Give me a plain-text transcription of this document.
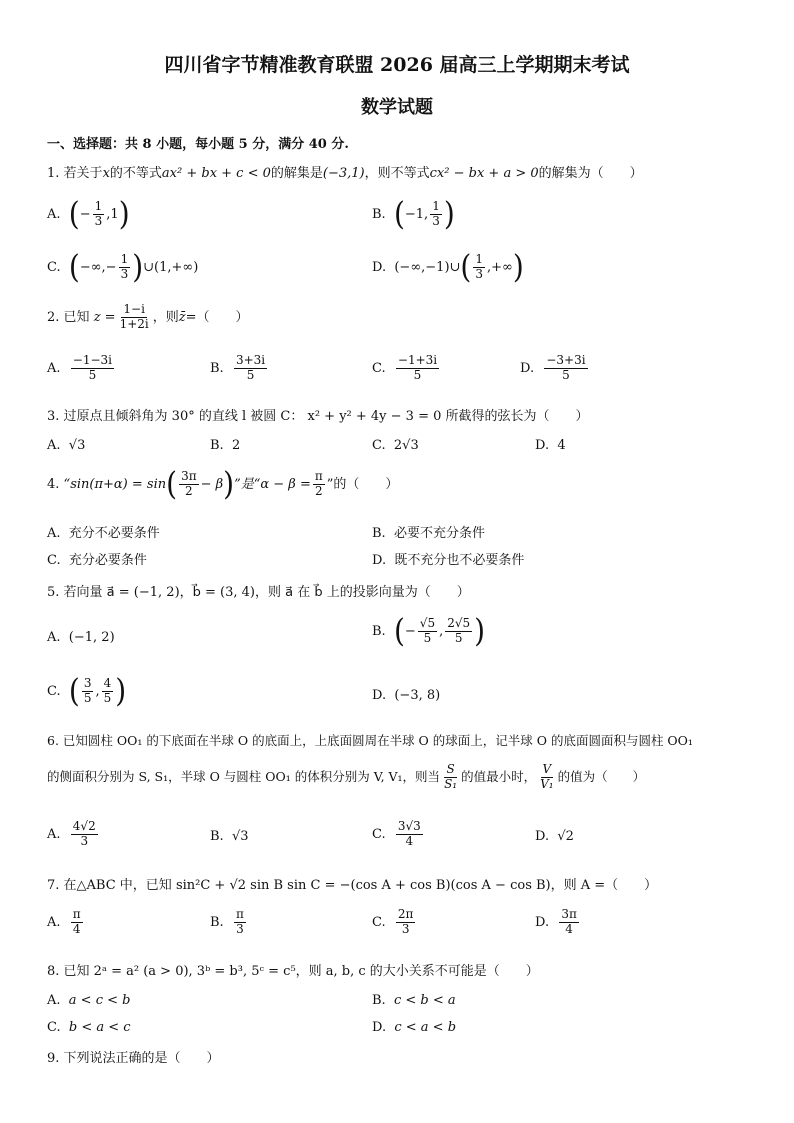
四川省字节精准教育联盟 2026 届高三上学期期末考试
数学试题
一、选择题：共 8 小题，每小题 5 分，满分 40 分.
1. 若关于x的不等式ax² + bx + c < 0的解集是(−3,1)，则不等式cx² − bx + a > 0的解集为（　　）
A. (− $\frac{1}{3} ,1$)	B. (−1, $\frac{1}{3}$ )
C. (−∞,− $\frac{1}{3}$ )∪(1,+∞)	D. (−∞,−1)∪( $\frac{1}{3}$ ,+∞)
2. 已知 $z = \frac{1-i}{1+2i}$ ，则z̄=（　　）
A. $\frac{-1-3i}{5}$	B. $\frac{3+3i}{5}$	C. $\frac{-1+3i}{5}$	D. $\frac{-3+3i}{5}$
3. 过原点且倾斜角为 30° 的直线 l 被圆 C： x² + y² + 4y − 3 = 0 所截得的弦长为（　　）
A. √3	B. 2	C. 2√3	D. 4
4. “$\sin(\pi+\alpha) = \sin( \frac{3\pi}{2} - \beta)$”是“$\alpha - \beta = \frac{\pi}{2}$ ”的（　　）
A. 充分不必要条件	B. 必要不充分条件
C. 充分必要条件	D. 既不充分也不必要条件
5. 若向量 a⃗ = (−1, 2)，b⃗ = (3, 4)，则 a⃗ 在 b⃗ 上的投影向量为（　　）
A. (−1, 2)	B. (− $\frac{√5}{5}$ , $\frac{2√5}{5}$ )
C. ( $\frac{3}{5}$ , $\frac{4}{5}$ )	D. (−3, 8)
6. 已知圆柱 OO₁ 的下底面在半球 O 的底面上，上底面圆周在半球 O 的球面上，记半球 O 的底面圆面积与圆柱 OO₁
的侧面积分别为 S, S₁，半球 O 与圆柱 OO₁ 的体积分别为 V, V₁，则当 $\frac{S}{\text{S₁}}$ 的值最小时， $\frac{V}{\text{V₁}}$ 的值为（　　）
A. $\frac{4√2}{3}$	B. √3	C. $\frac{3√3}{4}$	D. √2
7. 在△ABC 中，已知 sin²C + √2 sin B sin C = −(cos A + cos B)(cos A − cos B)，则 A =（　　）
A. $\frac{\pi}{4}$	B. $\frac{\pi}{3}$	C. $\frac{2\pi}{3}$	D. $\frac{3\pi}{4}$
8. 已知 2ᵃ = a² (a > 0), 3ᵇ = b³, 5ᶜ = c⁵，则 a, b, c 的大小关系不可能是（　　）
A. a < c < b	B. c < b < a
C. b < a < c	D. c < a < b
9. 下列说法正确的是（　　）
